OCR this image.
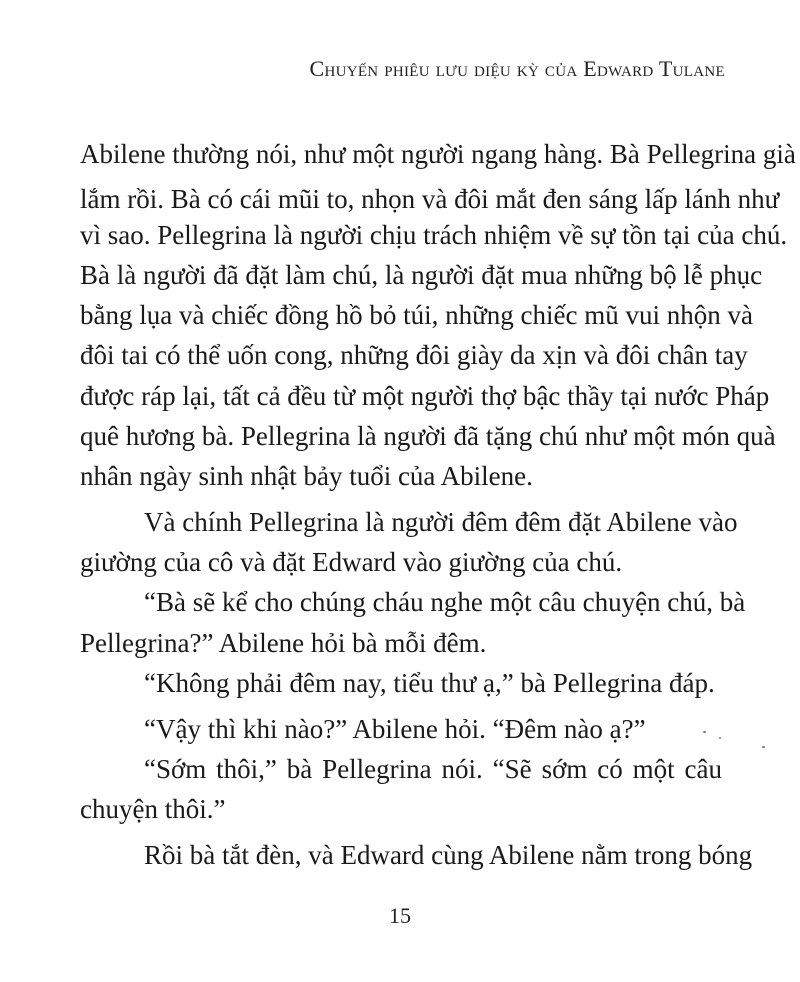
Chuyến phiêu lưu diệu kỳ của Edward Tulane
Abilene thường nói, như một người ngang hàng. Bà Pellegrina già
lắm rồi. Bà có cái mũi to, nhọn và đôi mắt đen sáng lấp lánh như
vì sao. Pellegrina là người chịu trách nhiệm về sự tồn tại của chú.
Bà là người đã đặt làm chú, là người đặt mua những bộ lễ phục
bằng lụa và chiếc đồng hồ bỏ túi, những chiếc mũ vui nhộn và
đôi tai có thể uốn cong, những đôi giày da xịn và đôi chân tay
được ráp lại, tất cả đều từ một người thợ bậc thầy tại nước Pháp
quê hương bà. Pellegrina là người đã tặng chú như một món quà
nhân ngày sinh nhật bảy tuổi của Abilene.
Và chính Pellegrina là người đêm đêm đặt Abilene vào
giường của cô và đặt Edward vào giường của chú.
“Bà sẽ kể cho chúng cháu nghe một câu chuyện chú, bà
Pellegrina?” Abilene hỏi bà mỗi đêm.
“Không phải đêm nay, tiểu thư ạ,” bà Pellegrina đáp.
“Vậy thì khi nào?” Abilene hỏi. “Đêm nào ạ?”
“Sớm thôi,” bà Pellegrina nói. “Sẽ sớm có một câu
chuyện thôi.”
Rồi bà tắt đèn, và Edward cùng Abilene nằm trong bóng
15
